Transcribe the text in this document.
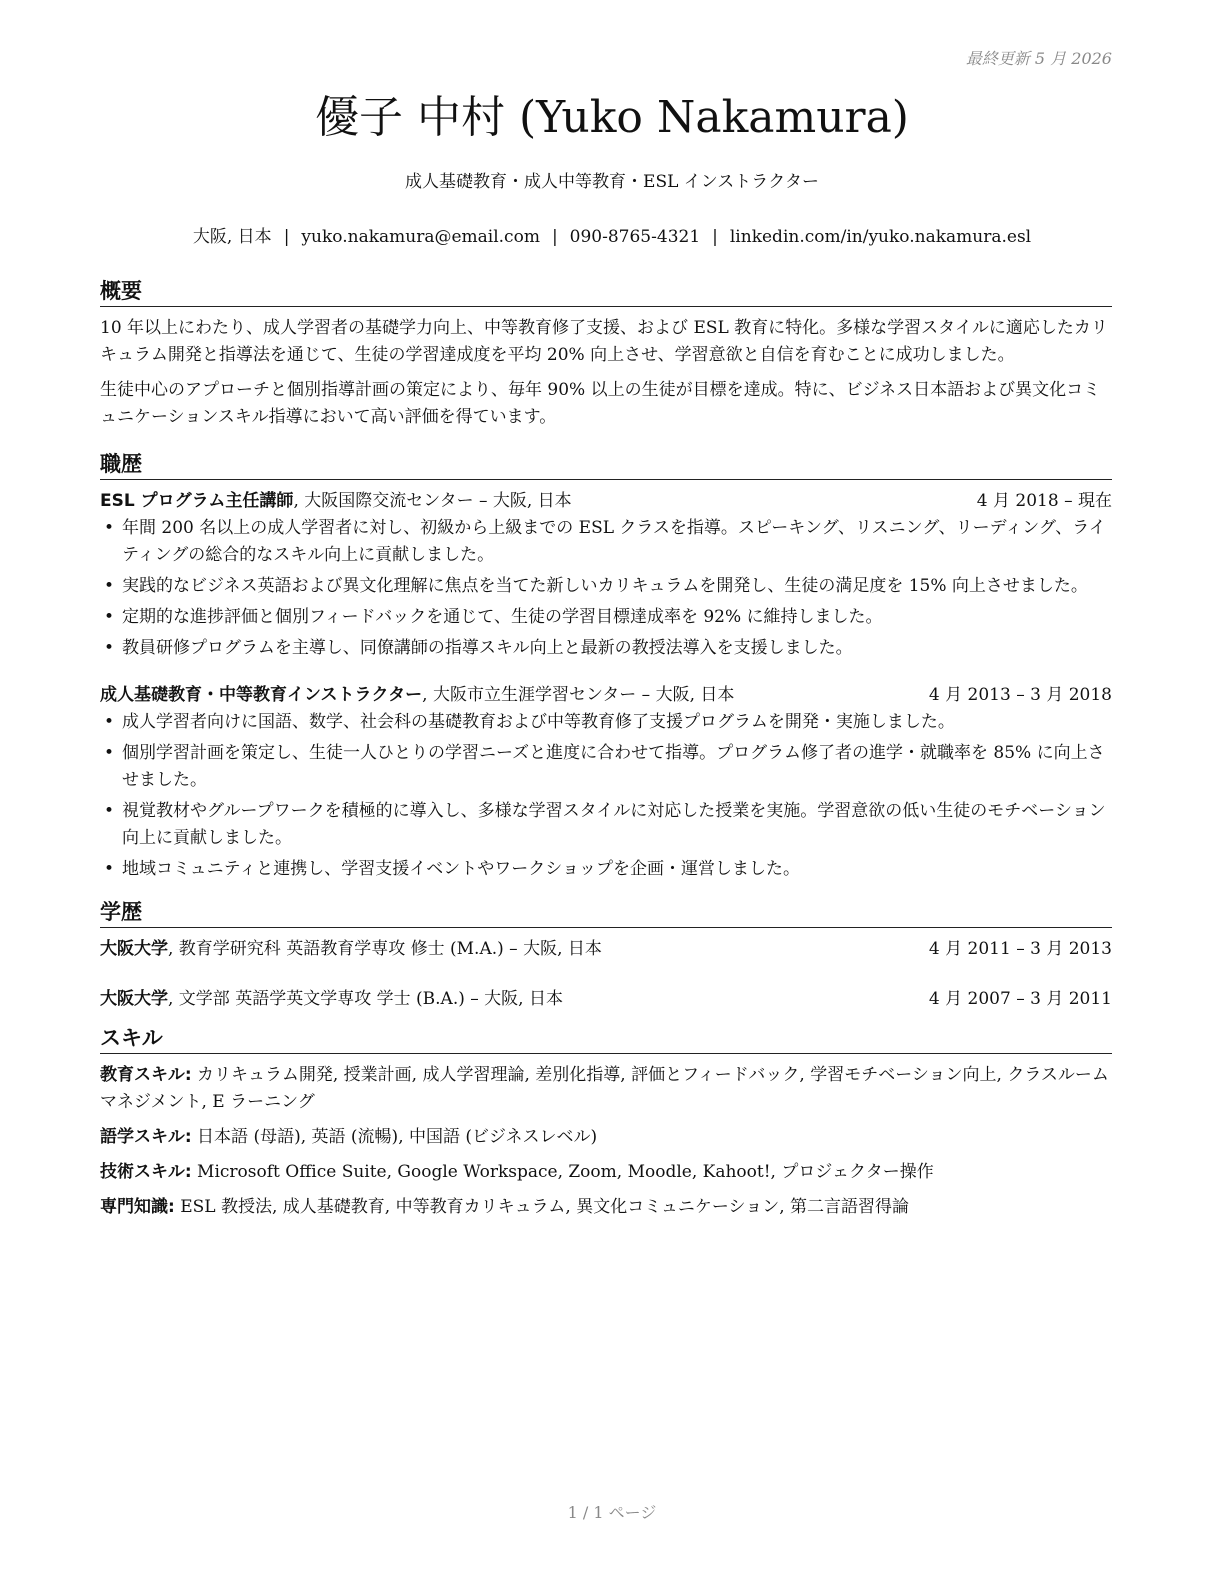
最終更新 5 月 2026
優子 中村 (Yuko Nakamura)
成人基礎教育・成人中等教育・ESL インストラクター
大阪, 日本 | yuko.nakamura@email.com | 090-8765-4321 | linkedin.com/in/yuko.nakamura.esl
概要

10 年以上にわたり、成人学習者の基礎学力向上、中等教育修了支援、および ESL 教育に特化。多様な学習スタイルに適応したカリキュラム開発と指導法を通じて、生徒の学習達成度を平均 20% 向上させ、学習意欲と自信を育むことに成功しました。

生徒中心のアプローチと個別指導計画の策定により、毎年 90% 以上の生徒が目標を達成。特に、ビジネス日本語および異文化コミュニケーションスキル指導において高い評価を得ています。

職歴
ESL プログラム主任講師, 大阪国際交流センター – 大阪, 日本	4 月 2018 – 現在
• 年間 200 名以上の成人学習者に対し、初級から上級までの ESL クラスを指導。スピーキング、リスニング、リーディング、ライティングの総合的なスキル向上に貢献しました。
• 実践的なビジネス英語および異文化理解に焦点を当てた新しいカリキュラムを開発し、生徒の満足度を 15% 向上させました。
• 定期的な進捗評価と個別フィードバックを通じて、生徒の学習目標達成率を 92% に維持しました。
• 教員研修プログラムを主導し、同僚講師の指導スキル向上と最新の教授法導入を支援しました。
成人基礎教育・中等教育インストラクター, 大阪市立生涯学習センター – 大阪, 日本	4 月 2013 – 3 月 2018
• 成人学習者向けに国語、数学、社会科の基礎教育および中等教育修了支援プログラムを開発・実施しました。
• 個別学習計画を策定し、生徒一人ひとりの学習ニーズと進度に合わせて指導。プログラム修了者の進学・就職率を 85% に向上させました。
• 視覚教材やグループワークを積極的に導入し、多様な学習スタイルに対応した授業を実施。学習意欲の低い生徒のモチベーション向上に貢献しました。
• 地域コミュニティと連携し、学習支援イベントやワークショップを企画・運営しました。
学歴
大阪大学, 教育学研究科 英語教育学専攻 修士 (M.A.) – 大阪, 日本	4 月 2011 – 3 月 2013
大阪大学, 文学部 英語学英文学専攻 学士 (B.A.) – 大阪, 日本	4 月 2007 – 3 月 2011
スキル

教育スキル: カリキュラム開発, 授業計画, 成人学習理論, 差別化指導, 評価とフィードバック, 学習モチベーション向上, クラスルームマネジメント, E ラーニング

語学スキル: 日本語 (母語), 英語 (流暢), 中国語 (ビジネスレベル)

技術スキル: Microsoft Office Suite, Google Workspace, Zoom, Moodle, Kahoot!, プロジェクター操作

専門知識: ESL 教授法, 成人基礎教育, 中等教育カリキュラム, 異文化コミュニケーション, 第二言語習得論

1 / 1 ページ
